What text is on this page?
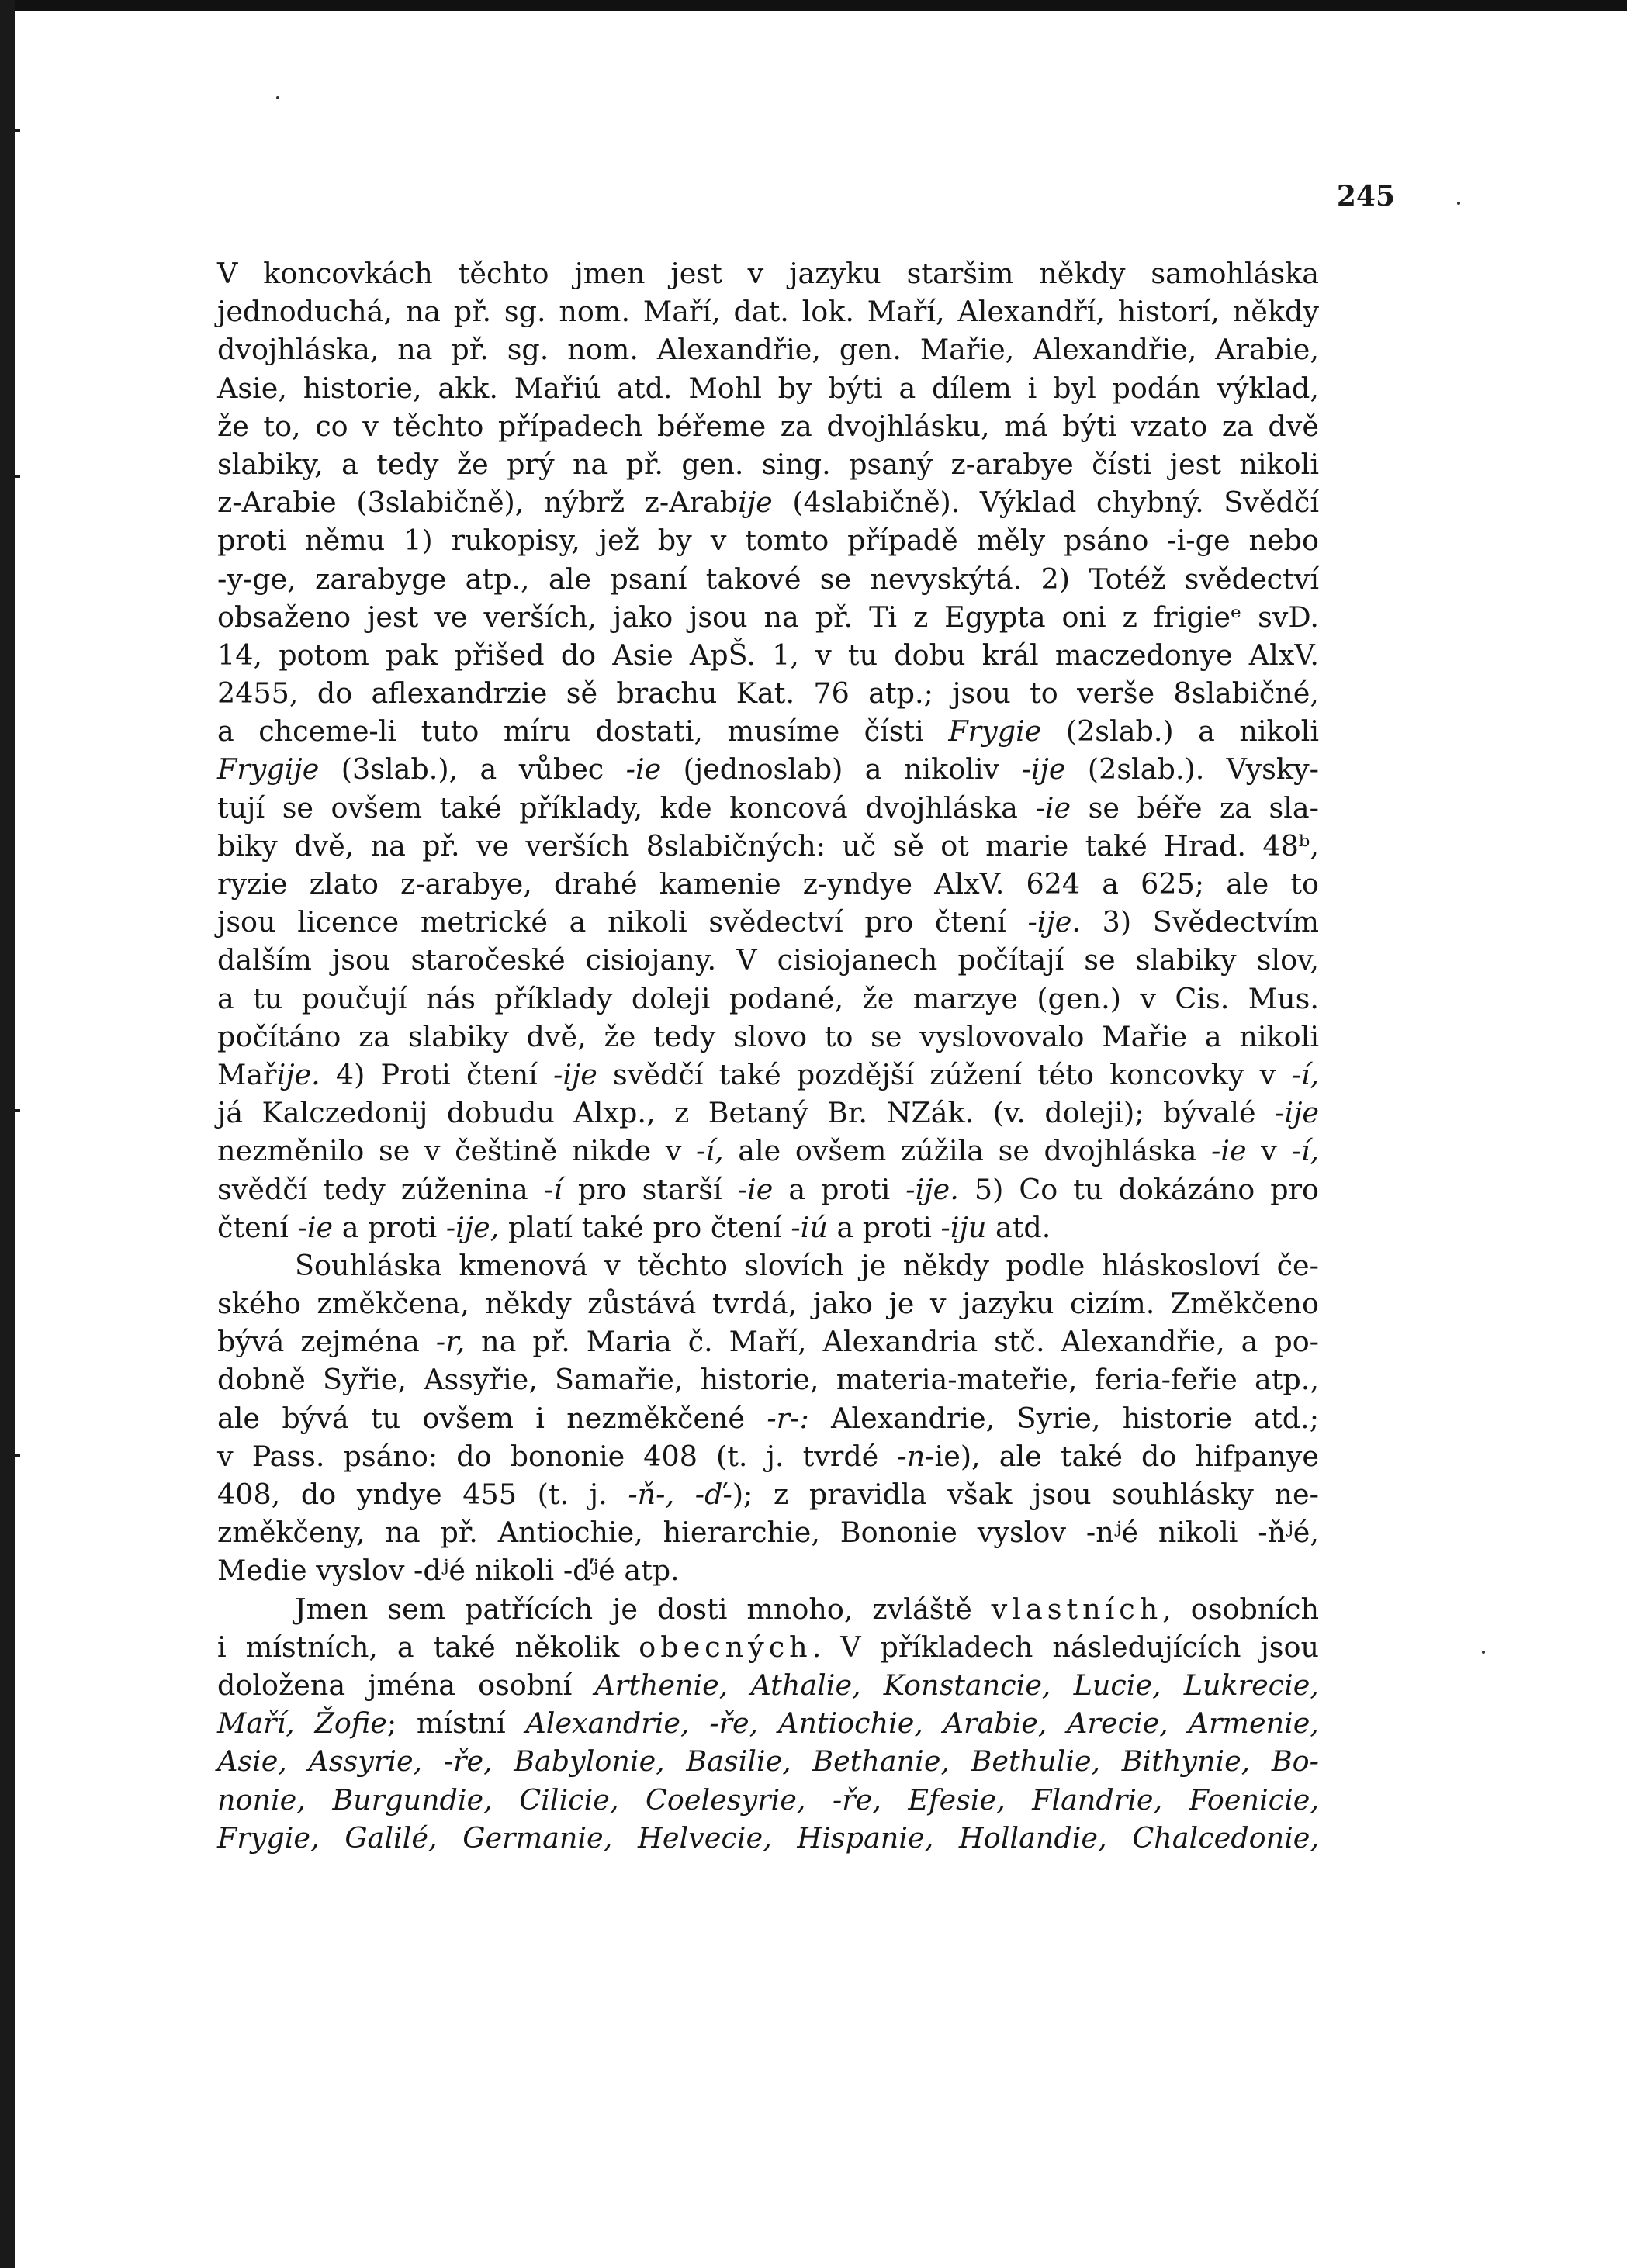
245
V koncovkách těchto jmen jest v jazyku staršim někdy samohláska
jednoduchá, na př. sg. nom. Maří, dat. lok. Maří, Alexandří, historí, někdy
dvojhláska, na př. sg. nom. Alexandřie, gen. Mařie, Alexandřie, Arabie,
Asie, historie, akk. Mařiú atd. Mohl by býti a dílem i byl podán výklad,
že to, co v těchto případech béřeme za dvojhlásku, má býti vzato za dvě
slabiky, a tedy že prý na př. gen. sing. psaný z-arabye čísti jest nikoli
z-Arabie (3slabičně), nýbrž z-Arabije (4slabičně). Výklad chybný. Svědčí
proti němu 1) rukopisy, jež by v tomto případě měly psáno -i-ge nebo
-y-ge, zarabyge atp., ale psaní takové se nevyskýtá. 2) Totéž svědectví
obsaženo jest ve verších, jako jsou na př. Ti z Egypta oni z frigieᵉ svD.
14, potom pak přišed do Asie ApŠ. 1, v tu dobu král maczedonye AlxV.
2455, do aflexandrzie sě brachu Kat. 76 atp.; jsou to verše 8slabičné,
a chceme-li tuto míru dostati, musíme čísti Frygie (2slab.) a nikoli
Frygije (3slab.), a vůbec -ie (jednoslab) a nikoliv -ije (2slab.). Vysky-
tují se ovšem také příklady, kde koncová dvojhláska -ie se béře za sla-
biky dvě, na př. ve verších 8slabičných: uč sě ot marie také Hrad. 48ᵇ,
ryzie zlato z-arabye, drahé kamenie z-yndye AlxV. 624 a 625; ale to
jsou licence metrické a nikoli svědectví pro čtení -ije. 3) Svědectvím
dalším jsou staročeské cisiojany. V cisiojanech počítají se slabiky slov,
a tu poučují nás příklady doleji podané, že marzye (gen.) v Cis. Mus.
počítáno za slabiky dvě, že tedy slovo to se vyslovovalo Mařie a nikoli
Mařije. 4) Proti čtení -ije svědčí také pozdější zúžení této koncovky v -í,
já Kalczedonij dobudu Alxp., z Betaný Br. NZák. (v. doleji); bývalé -ije
nezměnilo se v češtině nikde v -í, ale ovšem zúžila se dvojhláska -ie v -í,
svědčí tedy zúženina -í pro starší -ie a proti -ije. 5) Co tu dokázáno pro
čtení -ie a proti -ije, platí také pro čtení -iú a proti -iju atd.
Souhláska kmenová v těchto slovích je někdy podle hláskosloví če-
ského změkčena, někdy zůstává tvrdá, jako je v jazyku cizím. Změkčeno
bývá zejména -r, na př. Maria č. Maří, Alexandria stč. Alexandřie, a po-
dobně Syřie, Assyřie, Samařie, historie, materia-mateřie, feria-feřie atp.,
ale bývá tu ovšem i nezměkčené -r-: Alexandrie, Syrie, historie atd.;
v Pass. psáno: do bononie 408 (t. j. tvrdé -n-ie), ale také do hifpanye
408, do yndye 455 (t. j. -ň-, -ď-); z pravidla však jsou souhlásky ne-
změkčeny, na př. Antiochie, hierarchie, Bononie vyslov -nʲé nikoli -ňʲé,
Medie vyslov -dʲé nikoli -ďʲé atp.
Jmen sem patřících je dosti mnoho, zvláště vlastních, osobních
i místních, a také několik obecných. V příkladech následujících jsou
doložena jména osobní Arthenie, Athalie, Konstancie, Lucie, Lukrecie,
Maří, Žofie; místní Alexandrie, -ře, Antiochie, Arabie, Arecie, Armenie,
Asie, Assyrie, -ře, Babylonie, Basilie, Bethanie, Bethulie, Bithynie, Bo-
nonie, Burgundie, Cilicie, Coelesyrie, -ře, Efesie, Flandrie, Foenicie,
Frygie, Galilé, Germanie, Helvecie, Hispanie, Hollandie, Chalcedonie,
